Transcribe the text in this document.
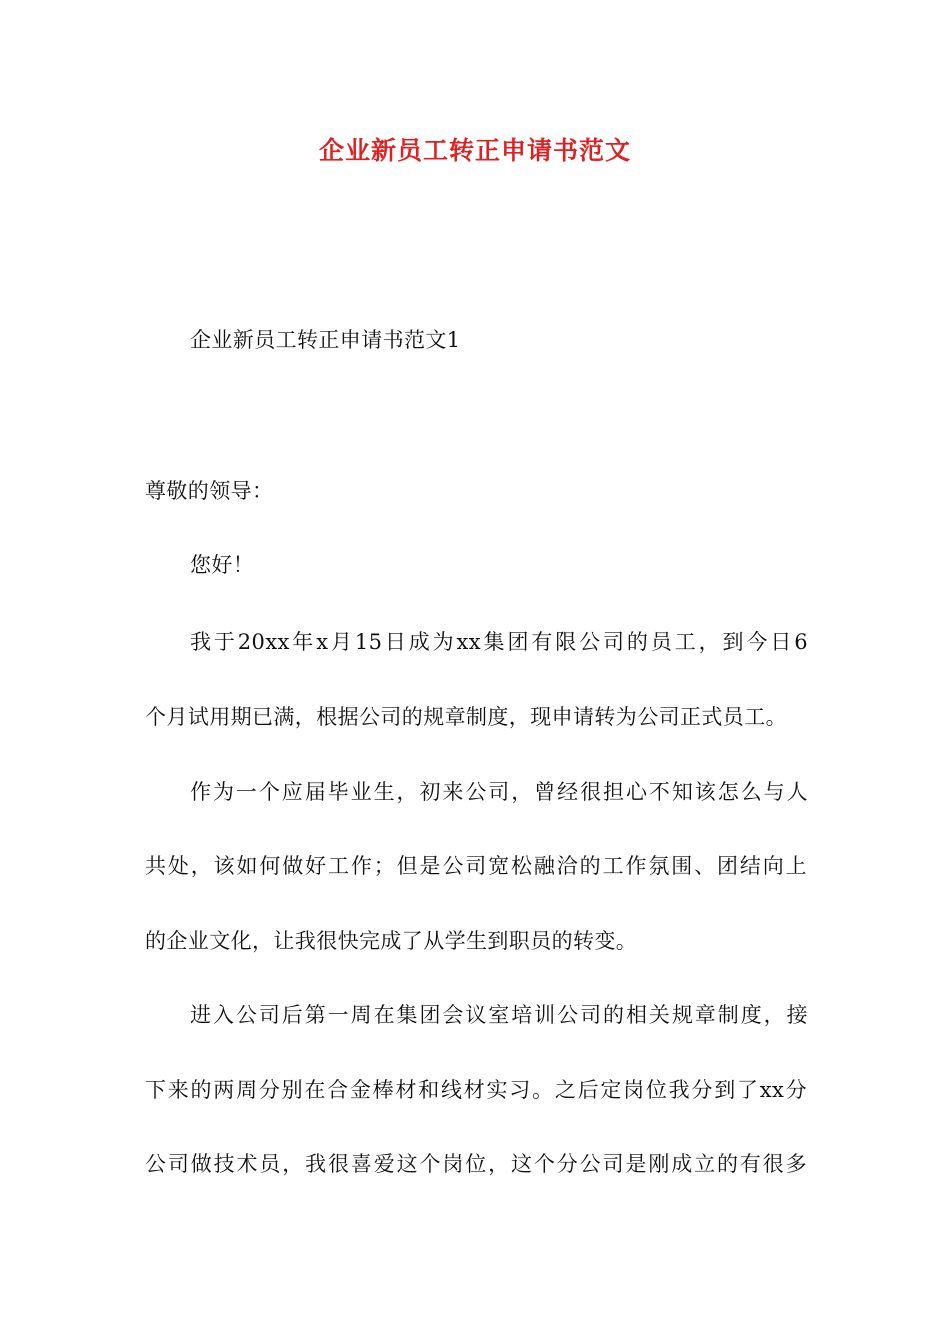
企业新员工转正申请书范文
企业新员工转正申请书范文1
尊敬的领导：
您好！
我于20xx年x月15日成为xx集团有限公司的员工，到今日6
个月试用期已满，根据公司的规章制度，现申请转为公司正式员工。
作为一个应届毕业生，初来公司，曾经很担心不知该怎么与人
共处，该如何做好工作；但是公司宽松融洽的工作氛围、团结向上
的企业文化，让我很快完成了从学生到职员的转变。
进入公司后第一周在集团会议室培训公司的相关规章制度，接
下来的两周分别在合金棒材和线材实习。之后定岗位我分到了xx分
公司做技术员，我很喜爱这个岗位，这个分公司是刚成立的有很多
